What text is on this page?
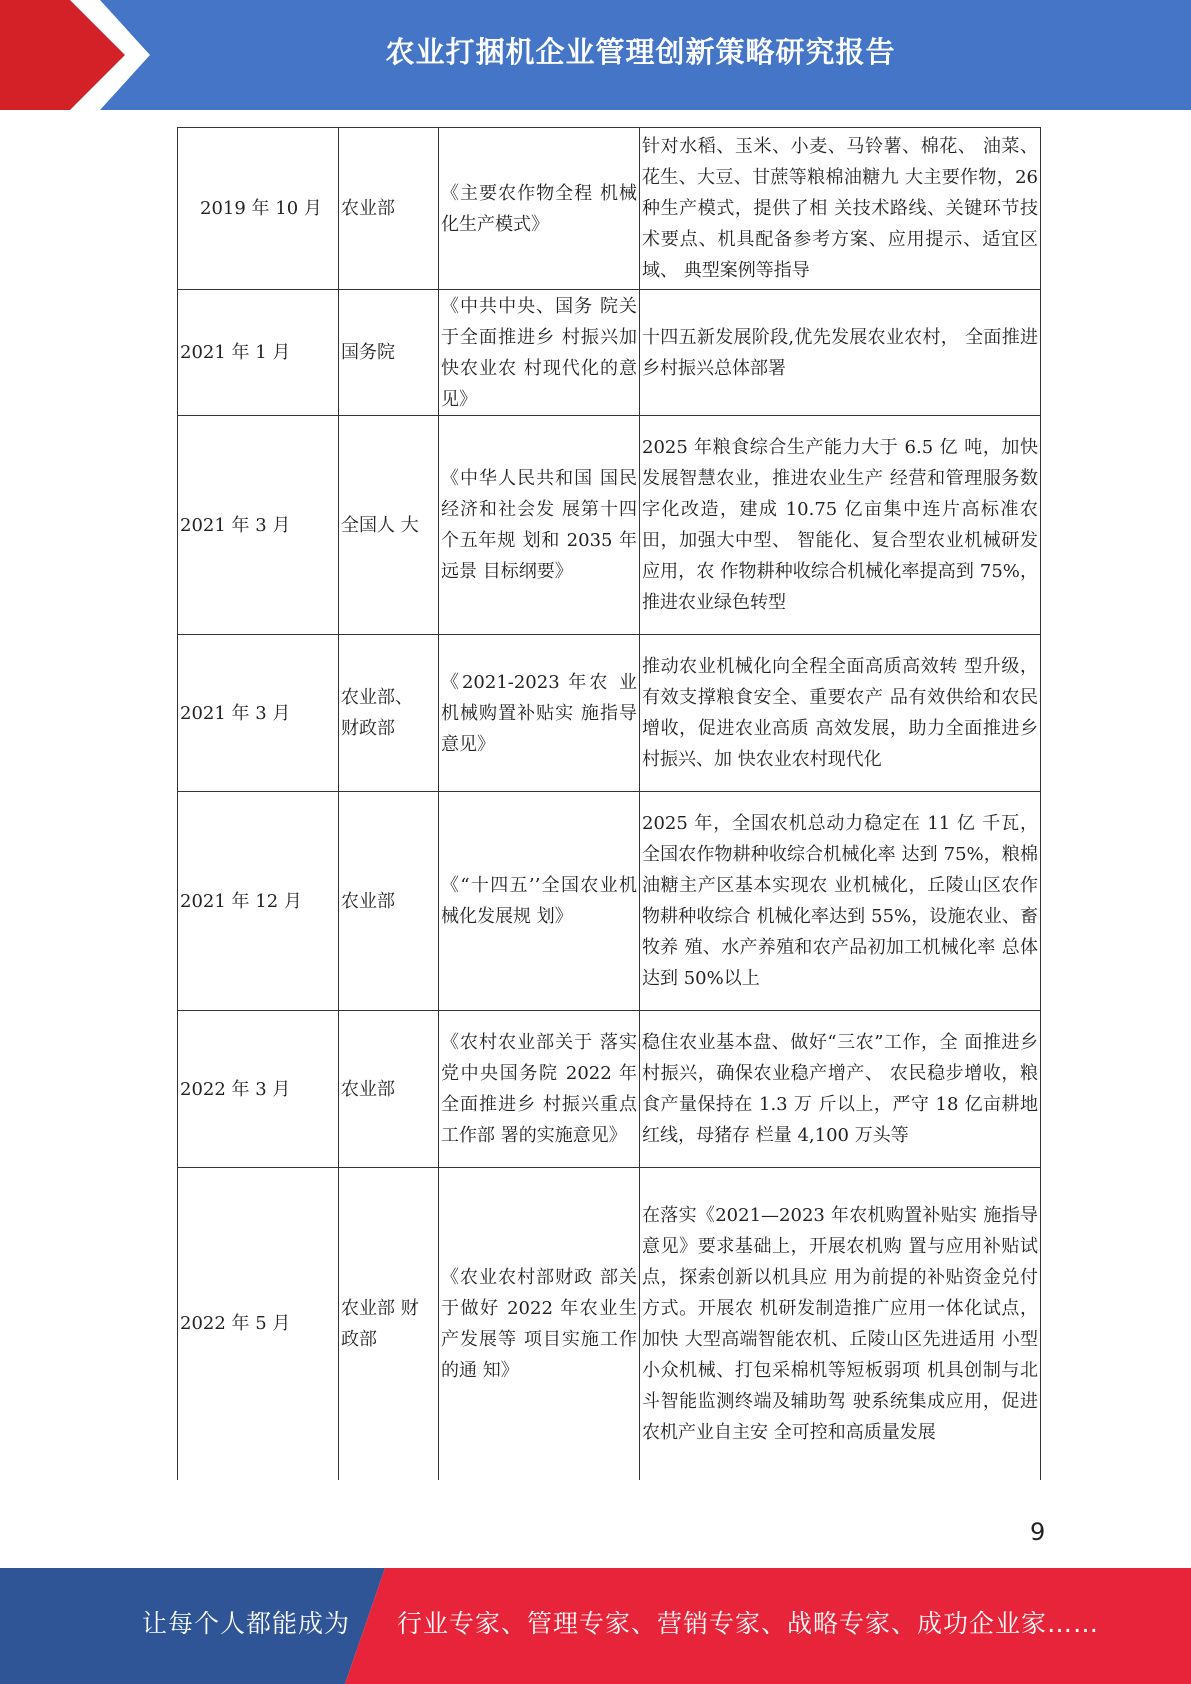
农业打捆机企业管理创新策略研究报告
2019 年 10 月	农业部	《主要农作物全程 机械化生产模式》	针对水稻、玉米、小麦、马铃薯、棉花、 油菜、花生、大豆、甘蔗等粮棉油糖九 大主要作物，26 种生产模式，提供了相 关技术路线、关键环节技术要点、机具配备参考方案、应用提示、适宜区域、 典型案例等指导
2021 年 1 月	国务院	《中共中央、国务 院关于全面推进乡 村振兴加快农业农 村现代化的意见》	十四五新发展阶段,优先发展农业农村， 全面推进乡村振兴总体部署
2021 年 3 月	全国人 大	《中华人民共和国 国民经济和社会发 展第十四个五年规 划和 2035 年远景 目标纲要》	2025 年粮食综合生产能力大于 6.5 亿 吨，加快发展智慧农业，推进农业生产 经营和管理服务数字化改造，建成 10.75 亿亩集中连片高标准农田，加强大中型、 智能化、复合型农业机械研发应用，农 作物耕种收综合机械化率提高到 75%， 推进农业绿色转型
2021 年 3 月	农业部、 财政部	《2021-2023 年农 业机械购置补贴实 施指导意见》	推动农业机械化向全程全面高质高效转 型升级，有效支撑粮食安全、重要农产 品有效供给和农民增收，促进农业高质 高效发展，助力全面推进乡村振兴、加 快农业农村现代化
2021 年 12 月	农业部	《“十四五’’全国农业机械化发展规 划》	2025 年，全国农机总动力稳定在 11 亿 千瓦，全国农作物耕种收综合机械化率 达到 75%，粮棉油糖主产区基本实现农 业机械化，丘陵山区农作物耕种收综合 机械化率达到 55%，设施农业、畜牧养 殖、水产养殖和农产品初加工机械化率 总体达到 50%以上
2022 年 3 月	农业部	《农村农业部关于 落实党中央国务院 2022 年全面推进乡 村振兴重点工作部 署的实施意见》	稳住农业基本盘、做好“三农”工作，全 面推进乡村振兴，确保农业稳产增产、 农民稳步增收，粮食产量保持在 1.3 万 斤以上，严守 18 亿亩耕地红线，母猪存 栏量 4,100 万头等
2022 年 5 月	农业部 财政部	《农业农村部财政 部关于做好 2022 年农业生产发展等 项目实施工作的通 知》	在落实《2021—2023 年农机购置补贴实 施指导意见》要求基础上，开展农机购 置与应用补贴试点，探索创新以机具应 用为前提的补贴资金兑付方式。开展农 机研发制造推广应用一体化试点，加快 大型高端智能农机、丘陵山区先进适用 小型小众机械、打包采棉机等短板弱项 机具创制与北斗智能监测终端及辅助驾 驶系统集成应用，促进农机产业自主安 全可控和高质量发展
9
让每个人都能成为 行业专家、管理专家、营销专家、战略专家、成功企业家……
